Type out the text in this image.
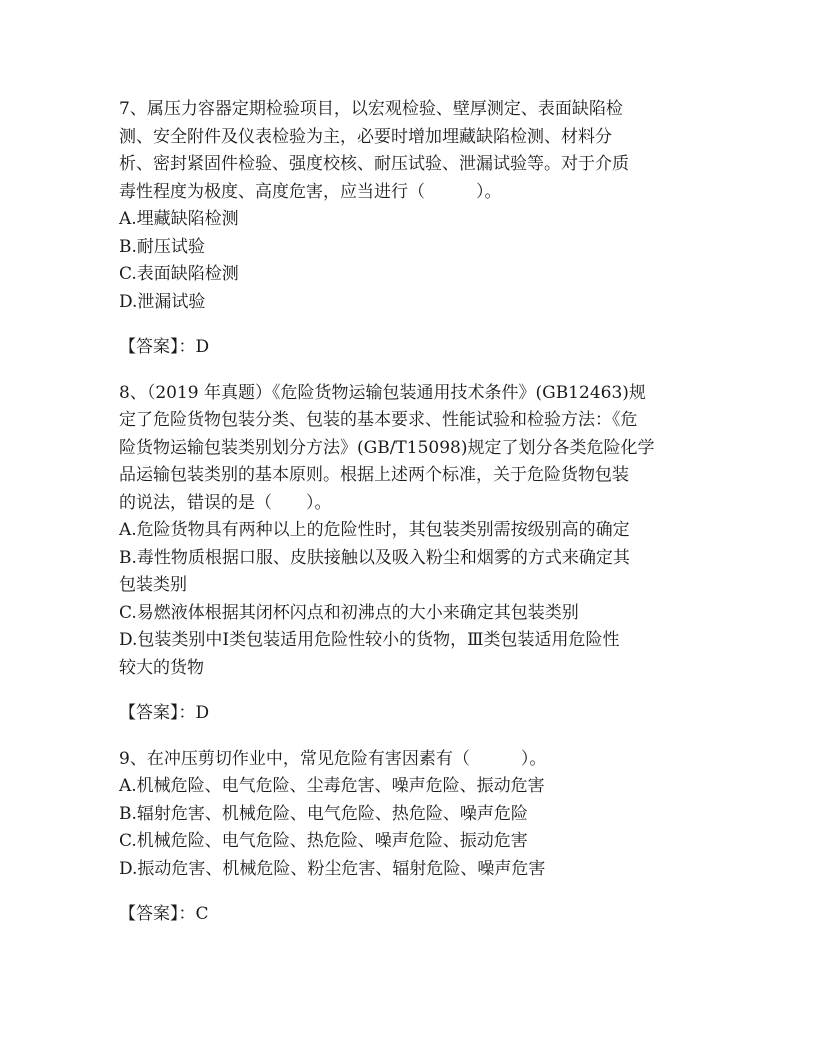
7、属压力容器定期检验项目，以宏观检验、壁厚测定、表面缺陷检
测、安全附件及仪表检验为主，必要时增加埋藏缺陷检测、材料分
析、密封紧固件检验、强度校核、耐压试验、泄漏试验等。对于介质
毒性程度为极度、高度危害，应当进行（　　　）。
A.埋藏缺陷检测
B.耐压试验
C.表面缺陷检测
D.泄漏试验
【答案】：D
8、（2019 年真题）《危险货物运输包装通用技术条件》(GB12463)规
定了危险货物包装分类、包装的基本要求、性能试验和检验方法：《危
险货物运输包装类别划分方法》(GB/T15098)规定了划分各类危险化学
品运输包装类别的基本原则。根据上述两个标准，关于危险货物包装
的说法，错误的是（　　）。
A.危险货物具有两种以上的危险性时，其包装类别需按级别高的确定
B.毒性物质根据口服、皮肤接触以及吸入粉尘和烟雾的方式来确定其
包装类别
C.易燃液体根据其闭杯闪点和初沸点的大小来确定其包装类别
D.包装类别中Ⅰ类包装适用危险性较小的货物，Ⅲ类包装适用危险性
较大的货物
【答案】：D
9、在冲压剪切作业中，常见危险有害因素有（　　　）。
A.机械危险、电气危险、尘毒危害、噪声危险、振动危害
B.辐射危害、机械危险、电气危险、热危险、噪声危险
C.机械危险、电气危险、热危险、噪声危险、振动危害
D.振动危害、机械危险、粉尘危害、辐射危险、噪声危害
【答案】：C
